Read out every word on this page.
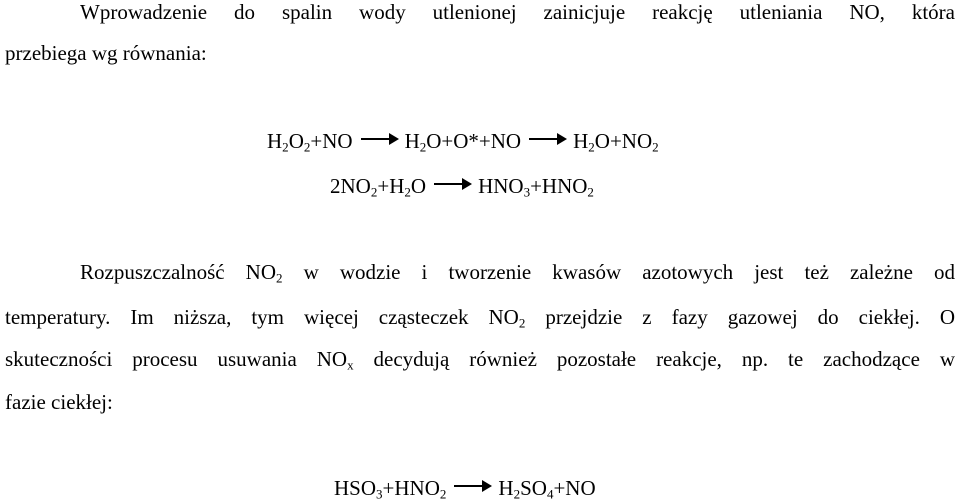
Wprowadzenie do spalin wody utlenionej zainicjuje reakcję utleniania NO, która
przebiega wg równania:
$H_2O_2+NO$ $H_2O+O*+NO$ $H_2O+NO_2$
$2NO_2+H_2O$ $HNO_3+HNO_2$
Rozpuszczalność $NO_2$ w wodzie i tworzenie kwasów azotowych jest też zależne od
temperatury. Im niższa, tym więcej cząsteczek $NO_2$ przejdzie z fazy gazowej do ciekłej. O
skuteczności procesu usuwania $NO_x$ decydują również pozostałe reakcje, np. te zachodzące w
fazie ciekłej:
$HSO_3+HNO_2$ $H_2SO_4+NO$
